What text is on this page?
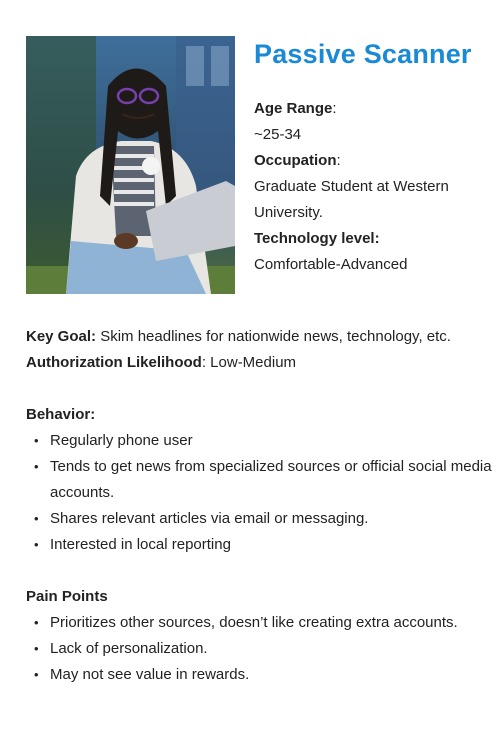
Passive Scanner
Age Range:
~25-34
Occupation:
Graduate Student at Western University.
Technology level:
Comfortable-Advanced
Key Goal: Skim headlines for nationwide news, technology, etc.
Authorization Likelihood: Low-Medium
Behavior:
• Regularly phone user
• Tends to get news from specialized sources or official social media accounts.
• Shares relevant articles via email or messaging.
• Interested in local reporting
Pain Points
• Prioritizes other sources, doesn’t like creating extra accounts.
• Lack of personalization.
• May not see value in rewards.
